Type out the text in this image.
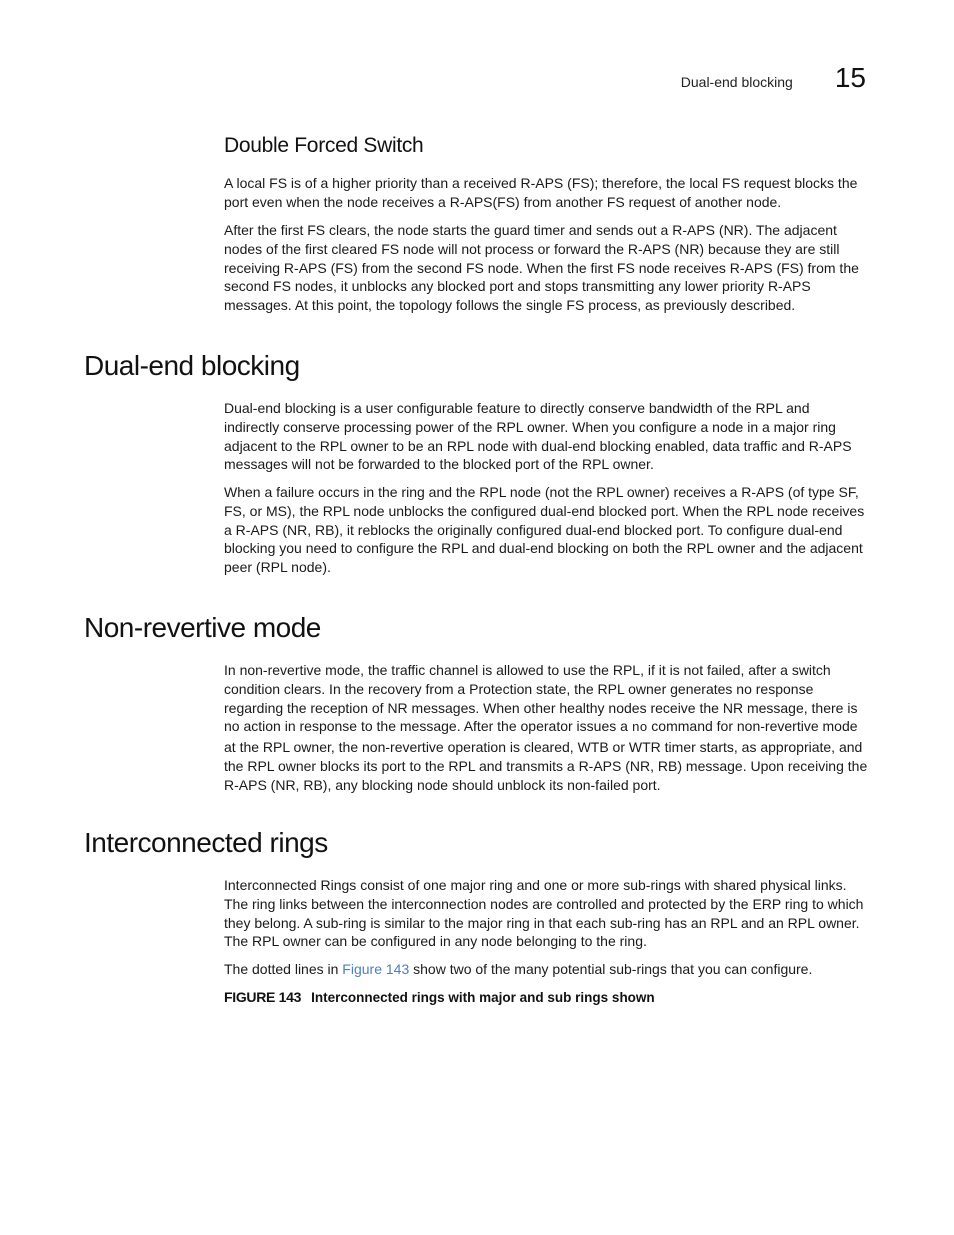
Dual-end blocking 15
Double Forced Switch

A local FS is of a higher priority than a received R-APS (FS); therefore, the local FS request blocks the port even when the node receives a R-APS(FS) from another FS request of another node.

After the first FS clears, the node starts the guard timer and sends out a R-APS (NR). The adjacent nodes of the first cleared FS node will not process or forward the R-APS (NR) because they are still receiving R-APS (FS) from the second FS node. When the first FS node receives R-APS (FS) from the second FS nodes, it unblocks any blocked port and stops transmitting any lower priority R-APS messages. At this point, the topology follows the single FS process, as previously described.

Dual-end blocking

Dual-end blocking is a user configurable feature to directly conserve bandwidth of the RPL and indirectly conserve processing power of the RPL owner. When you configure a node in a major ring adjacent to the RPL owner to be an RPL node with dual-end blocking enabled, data traffic and R-APS messages will not be forwarded to the blocked port of the RPL owner.

When a failure occurs in the ring and the RPL node (not the RPL owner) receives a R-APS (of type SF, FS, or MS), the RPL node unblocks the configured dual-end blocked port. When the RPL node receives a R-APS (NR, RB), it reblocks the originally configured dual-end blocked port. To configure dual-end blocking you need to configure the RPL and dual-end blocking on both the RPL owner and the adjacent peer (RPL node).

Non-revertive mode

In non-revertive mode, the traffic channel is allowed to use the RPL, if it is not failed, after a switch condition clears. In the recovery from a Protection state, the RPL owner generates no response regarding the reception of NR messages. When other healthy nodes receive the NR message, there is no action in response to the message. After the operator issues a no command for non-revertive mode at the RPL owner, the non-revertive operation is cleared, WTB or WTR timer starts, as appropriate, and the RPL owner blocks its port to the RPL and transmits a R-APS (NR, RB) message. Upon receiving the R-APS (NR, RB), any blocking node should unblock its non-failed port.

Interconnected rings

Interconnected Rings consist of one major ring and one or more sub-rings with shared physical links. The ring links between the interconnection nodes are controlled and protected by the ERP ring to which they belong. A sub-ring is similar to the major ring in that each sub-ring has an RPL and an RPL owner. The RPL owner can be configured in any node belonging to the ring.

The dotted lines in Figure 143 show two of the many potential sub-rings that you can configure.

FIGURE 143 Interconnected rings with major and sub rings shown
